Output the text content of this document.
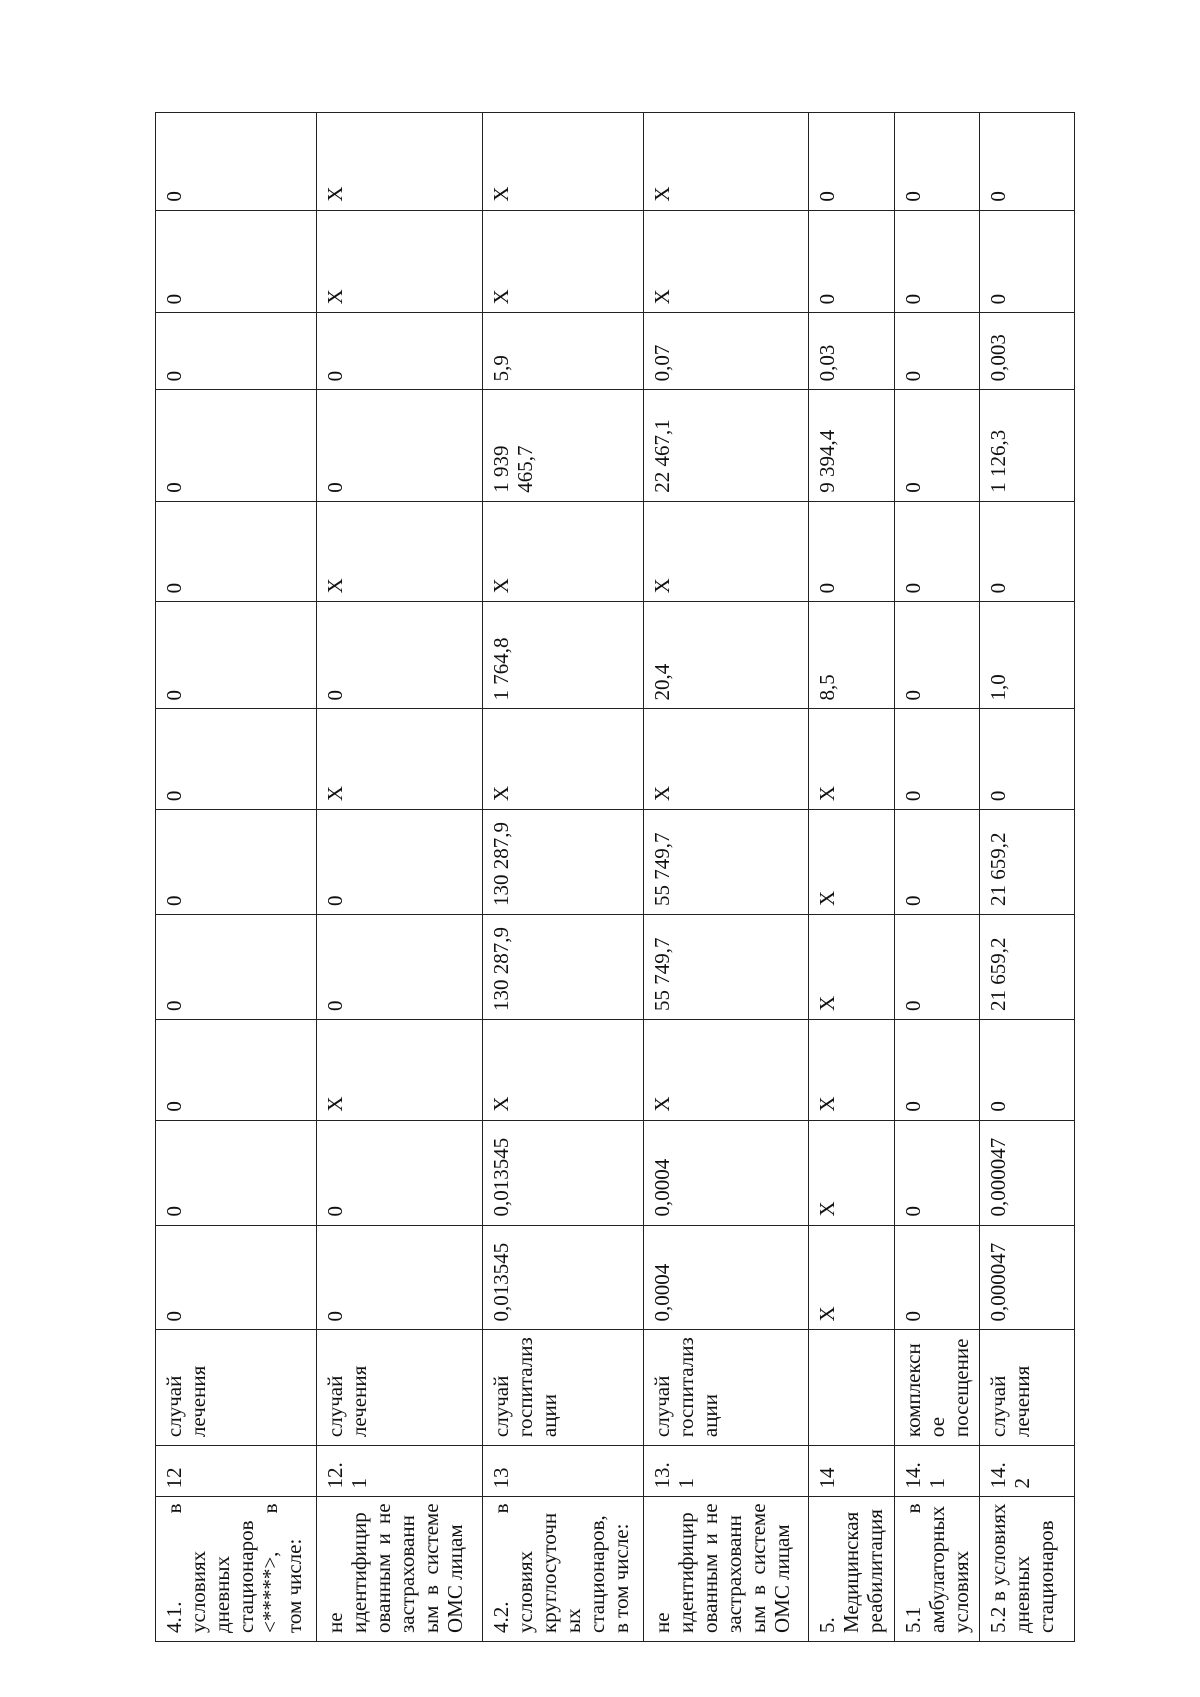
4.1. в условиях дневных стационаров <*****>, в том числе:	12	случай лечения	0	0	0	0	0	0	0	0	0	0	0	0
не идентифицированным и не застрахованным в системе ОМС лицам	12.1	случай лечения	0	0	X	0	0	X	0	X	0	0	X	X
4.2. в условиях круглосуточных стационаров, в том числе:	13	случай госпитализации	0,013545	0,013545	X	130 287,9	130 287,9	X	1 764,8	X	1 939 465,7	5,9	X	X
не идентифицированным и не застрахованным в системе ОМС лицам	13.1	случай госпитализации	0,0004	0,0004	X	55 749,7	55 749,7	X	20,4	X	22 467,1	0,07	X	X
5. Медицинская реабилитация	14		X	X	X	X	X	X	8,5	0	9 394,4	0,03	0	0
5.1 в амбулаторных условиях	14.1	комплексное посещение	0	0	0	0	0	0	0	0	0	0	0	0
5.2 в условиях дневных стационаров	14.2	случай лечения	0,000047	0,000047	0	21 659,2	21 659,2	0	1,0	0	1 126,3	0,003	0	0
